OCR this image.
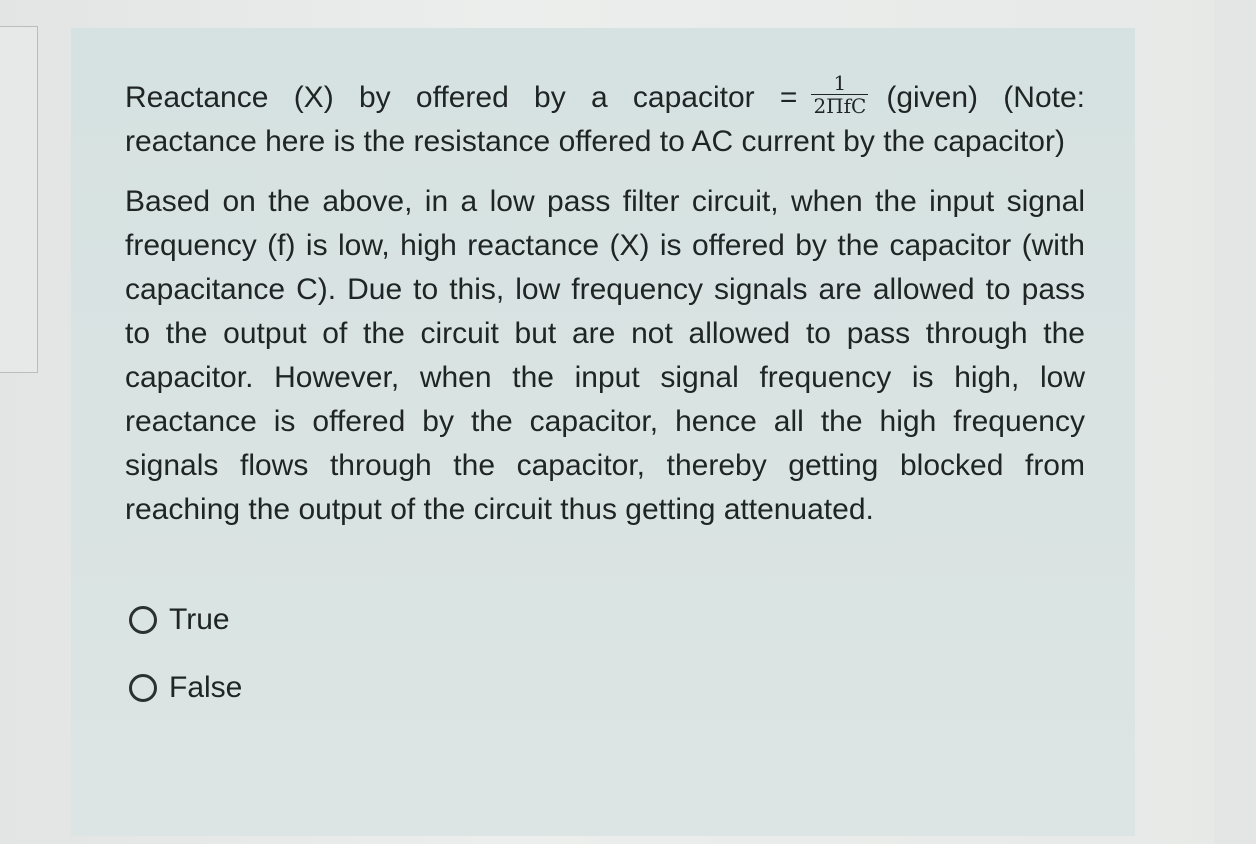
Reactance (X) by offered by a capacitor = $\frac{1}{\text{2ΠfC}}$ (given) (Note: reactance here is the resistance offered to AC current by the capacitor)

Based on the above, in a low pass filter circuit, when the input signal frequency (f) is low, high reactance (X) is offered by the capacitor (with capacitance C). Due to this, low frequency signals are allowed to pass to the output of the circuit but are not allowed to pass through the capacitor. However, when the input signal frequency is high, low reactance is offered by the capacitor, hence all the high frequency signals flows through the capacitor, thereby getting blocked from reaching the output of the circuit thus getting attenuated.

True
False
